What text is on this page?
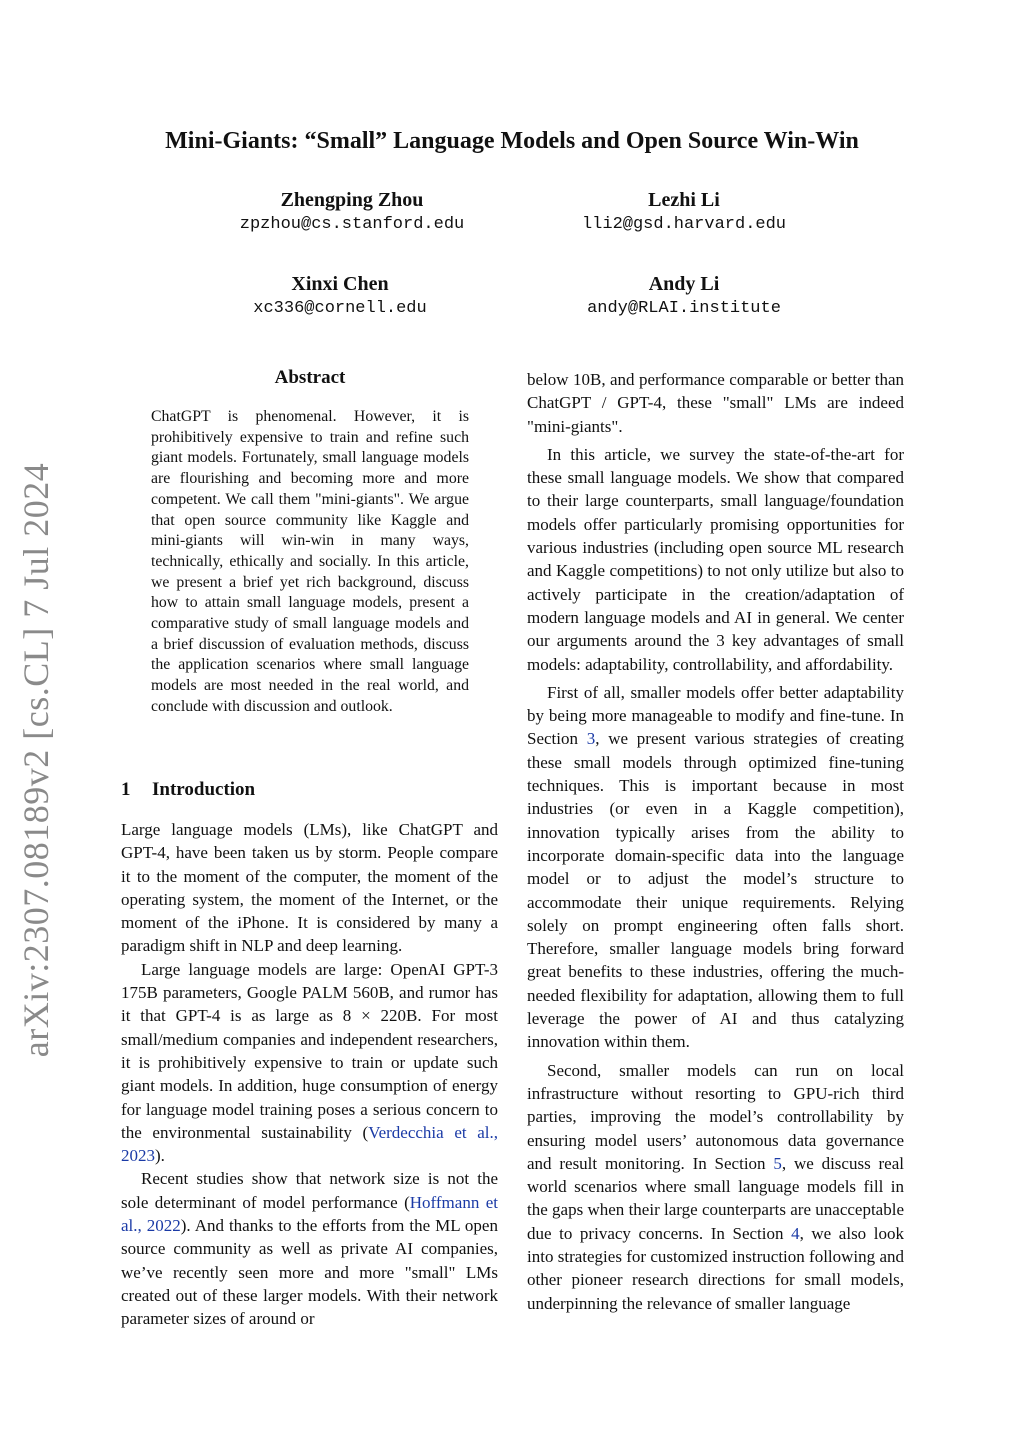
arXiv:2307.08189v2 [cs.CL] 7 Jul 2024
Mini-Giants: “Small” Language Models and Open Source Win-Win
Zhengping Zhou
zpzhou@cs.stanford.edu
Lezhi Li
lli2@gsd.harvard.edu
Xinxi Chen
xc336@cornell.edu
Andy Li
andy@RLAI.institute
Abstract
ChatGPT is phenomenal. However, it is prohibitively expensive to train and refine such giant models. Fortunately, small language models are flourishing and becoming more and more competent. We call them "mini-giants". We argue that open source community like Kaggle and mini-giants will win-win in many ways, technically, ethically and socially. In this article, we present a brief yet rich background, discuss how to attain small language models, present a comparative study of small language models and a brief discussion of evaluation methods, discuss the application scenarios where small language models are most needed in the real world, and conclude with discussion and outlook.
1 Introduction

Large language models (LMs), like ChatGPT and GPT-4, have been taken us by storm. People compare it to the moment of the computer, the moment of the operating system, the moment of the Internet, or the moment of the iPhone. It is considered by many a paradigm shift in NLP and deep learning.

Large language models are large: OpenAI GPT-3 175B parameters, Google PALM 560B, and rumor has it that GPT-4 is as large as 8 × 220B. For most small/medium companies and independent researchers, it is prohibitively expensive to train or update such giant models. In addition, huge consumption of energy for language model training poses a serious concern to the environmental sustainability (Verdecchia et al., 2023).

Recent studies show that network size is not the sole determinant of model performance (Hoffmann et al., 2022). And thanks to the efforts from the ML open source community as well as private AI companies, we’ve recently seen more and more "small" LMs created out of these larger models. With their network parameter sizes of around or

below 10B, and performance comparable or better than ChatGPT / GPT-4, these "small" LMs are indeed "mini-giants".

In this article, we survey the state-of-the-art for these small language models. We show that compared to their large counterparts, small language/foundation models offer particularly promising opportunities for various industries (including open source ML research and Kaggle competitions) to not only utilize but also to actively participate in the creation/adaptation of modern language models and AI in general. We center our arguments around the 3 key advantages of small models: adaptability, controllability, and affordability.

First of all, smaller models offer better adaptability by being more manageable to modify and fine-tune. In Section 3, we present various strategies of creating these small models through optimized fine-tuning techniques. This is important because in most industries (or even in a Kaggle competition), innovation typically arises from the ability to incorporate domain-specific data into the language model or to adjust the model’s structure to accommodate their unique requirements. Relying solely on prompt engineering often falls short. Therefore, smaller language models bring forward great benefits to these industries, offering the much-needed flexibility for adaptation, allowing them to full leverage the power of AI and thus catalyzing innovation within them.

Second, smaller models can run on local infrastructure without resorting to GPU-rich third parties, improving the model’s controllability by ensuring model users’ autonomous data governance and result monitoring. In Section 5, we discuss real world scenarios where small language models fill in the gaps when their large counterparts are unacceptable due to privacy concerns. In Section 4, we also look into strategies for customized instruction following and other pioneer research directions for small models, underpinning the relevance of smaller language
